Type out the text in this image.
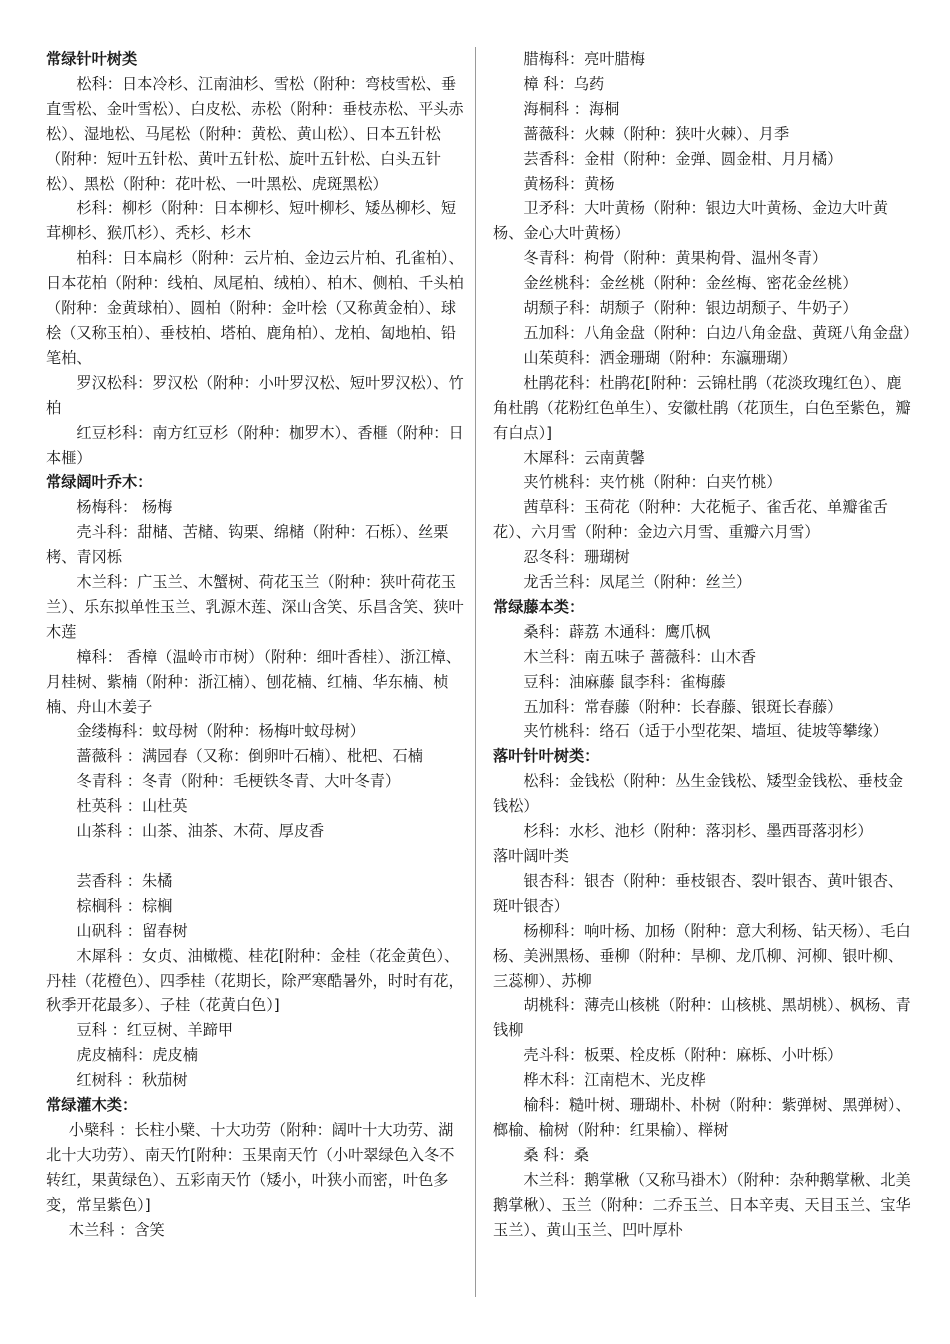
常绿针叶树类

松科：日本冷杉、江南油杉、雪松（附种：弯枝雪松、垂直雪松、金叶雪松）、白皮松、赤松（附种：垂枝赤松、平头赤松）、湿地松、马尾松（附种：黄松、黄山松）、日本五针松（附种：短叶五针松、黄叶五针松、旋叶五针松、白头五针松）、黑松（附种：花叶松、一叶黑松、虎斑黑松）

杉科：柳杉（附种：日本柳杉、短叶柳杉、矮丛柳杉、短茸柳杉、猴爪杉）、秃杉、杉木

柏科：日本扁杉（附种：云片柏、金边云片柏、孔雀柏）、日本花柏（附种：线柏、凤尾柏、绒柏）、柏木、侧柏、千头柏（附种：金黄球柏）、圆柏（附种：金叶桧（又称黄金柏）、球桧（又称玉柏）、垂枝柏、塔柏、鹿角柏）、龙柏、匐地柏、铅笔柏、

罗汉松科：罗汉松（附种：小叶罗汉松、短叶罗汉松）、竹柏

红豆杉科：南方红豆杉（附种：枷罗木）、香榧（附种：日本榧）

常绿阔叶乔木：

杨梅科： 杨梅

壳斗科：甜槠、苦槠、钩栗、绵槠（附种：石栎）、丝栗栲、青冈栎

木兰科：广玉兰、木蟹树、荷花玉兰（附种：狭叶荷花玉兰）、乐东拟单性玉兰、乳源木莲、深山含笑、乐昌含笑、狭叶木莲

樟科： 香樟（温岭市市树）（附种：细叶香桂）、浙江樟、月桂树、紫楠（附种：浙江楠）、刨花楠、红楠、华东楠、桢楠、舟山木姜子

金缕梅科：蚊母树（附种：杨梅叶蚊母树）

蔷薇科 ：满园春（又称：倒卵叶石楠）、枇杷、石楠

冬青科 ：冬青（附种：毛梗铁冬青、大叶冬青）

杜英科 ：山杜英

山茶科 ：山茶、油茶、木荷、厚皮香

芸香科 ：朱橘

棕榈科 ：棕榈

山矾科 ：留春树

木犀科 ：女贞、油橄榄、桂花[附种：金桂（花金黄色）、丹桂（花橙色）、四季桂（花期长，除严寒酷暑外，时时有花，秋季开花最多）、子桂（花黄白色）]

豆科 ：红豆树、羊蹄甲

虎皮楠科：虎皮楠

红树科 ：秋茄树

常绿灌木类：

小檗科 ：长柱小檗、十大功劳（附种：阔叶十大功劳、湖北十大功劳）、南天竹[附种：玉果南天竹（小叶翠绿色入冬不转红，果黄绿色）、五彩南天竹（矮小，叶狭小而密，叶色多变，常呈紫色）]

木兰科 ：含笑

腊梅科：亮叶腊梅

樟 科：乌药

海桐科 ：海桐

蔷薇科：火棘（附种：狭叶火棘）、月季

芸香科：金柑（附种：金弹、圆金柑、月月橘）

黄杨科：黄杨

卫矛科：大叶黄杨（附种：银边大叶黄杨、金边大叶黄杨、金心大叶黄杨）

冬青科：枸骨（附种：黄果枸骨、温州冬青）

金丝桃科：金丝桃（附种：金丝梅、密花金丝桃）

胡颓子科：胡颓子（附种：银边胡颓子、牛奶子）

五加科：八角金盘（附种：白边八角金盘、黄斑八角金盘）

山茱萸科：洒金珊瑚（附种：东瀛珊瑚）

杜鹃花科：杜鹃花[附种：云锦杜鹃（花淡玫瑰红色）、鹿角杜鹃（花粉红色单生）、安徽杜鹃（花顶生，白色至紫色，瓣有白点）]

木犀科：云南黄馨

夹竹桃科：夹竹桃（附种：白夹竹桃）

茜草科：玉荷花（附种：大花栀子、雀舌花、单瓣雀舌花）、六月雪（附种：金边六月雪、重瓣六月雪）

忍冬科：珊瑚树

龙舌兰科：凤尾兰（附种：丝兰）

常绿藤本类：

桑科：薜荔 木通科：鹰爪枫

木兰科：南五味子 蔷薇科：山木香

豆科：油麻藤 鼠李科：雀梅藤

五加科：常春藤（附种：长春藤、银斑长春藤）

夹竹桃科：络石（适于小型花架、墙垣、徒坡等攀缘）

落叶针叶树类：

松科：金钱松（附种：丛生金钱松、矮型金钱松、垂枝金钱松）

杉科：水杉、池杉（附种：落羽杉、墨西哥落羽杉）

落叶阔叶类

银杏科：银杏（附种：垂枝银杏、裂叶银杏、黄叶银杏、斑叶银杏）

杨柳科：响叶杨、加杨（附种：意大利杨、钻天杨）、毛白杨、美洲黑杨、垂柳（附种：旱柳、龙爪柳、河柳、银叶柳、三蕊柳）、苏柳

胡桃科：薄壳山核桃（附种：山核桃、黑胡桃）、枫杨、青钱柳

壳斗科：板栗、栓皮栎（附种：麻栎、小叶栎）

桦木科：江南桤木、光皮桦

榆科：糙叶树、珊瑚朴、朴树（附种：紫弹树、黑弹树）、榔榆、榆树（附种：红果榆）、榉树

桑 科：桑

木兰科：鹅掌楸（又称马褂木）（附种：杂种鹅掌楸、北美鹅掌楸）、玉兰（附种：二乔玉兰、日本辛夷、天目玉兰、宝华玉兰）、黄山玉兰、凹叶厚朴
